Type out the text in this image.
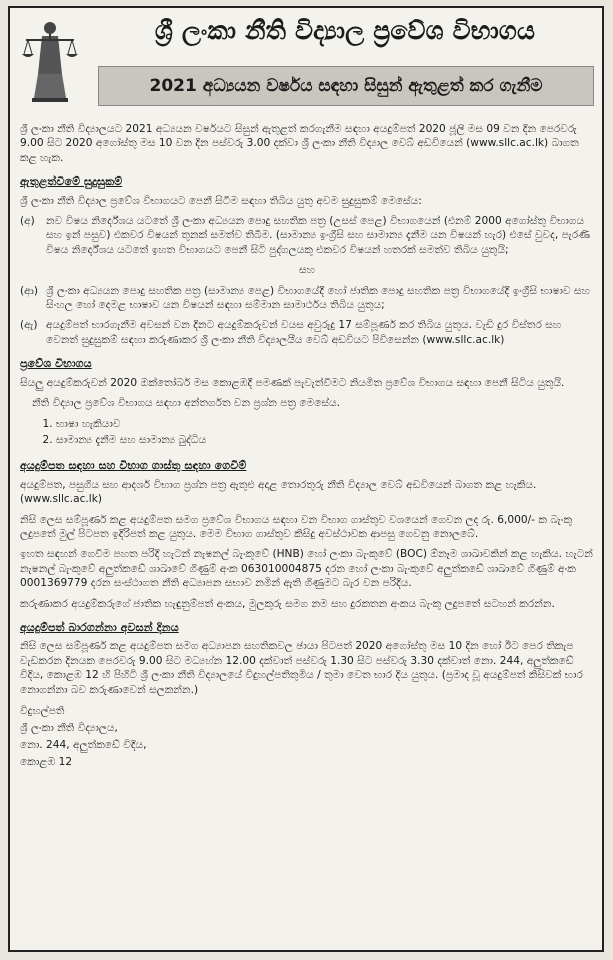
ශ්‍රී ලංකා නීති විද්‍යාල ප්‍රවේශ විභාගය
2021 අධ්‍යයන වර්ෂය සඳහා සිසුන් ඇතුළත් කර ගැනීම

ශ්‍රී ලංකා නීති විද්‍යාලයට 2021 අධ්‍යයන වර්ෂයට සිසුන් ඇතුළත් කරගැනීම සඳහා අයදුම්පත් 2020 ජූලි මස 09 වන දින පෙරවරු 9.00 සිට 2020 අගෝස්තු මස 10 වන දින පස්වරු 3.00 දක්වා ශ්‍රී ලංකා නීති විද්‍යාල වෙබ් අඩවියෙන් (www.sllc.ac.lk) බාගත කළ හැක.

ඇතුළත්වීමේ සුදුසුකම්

ශ්‍රී ලංකා නීති විද්‍යාල ප්‍රවේශ විභාගයට පෙනී සිටීම සඳහා තිබිය යුතු අවම සුදුසුකම් මෙසේය:

(අ)	නව විෂය නිර්දේශය යටතේ ශ්‍රී ලංකා අධ්‍යයන පොදු සහතික පත්‍ර (උසස් පෙළ) විභාගයෙන් (එනම් 2000 අගෝස්තු විභාගය සහ ඉන් පසුව) එකවර විෂයන් තුනක් සමත්ව තිබීම. (සාමාන්‍ය ඉංග්‍රීසි සහ සාමාන්‍ය දැනීම යන විෂයන් හැර) එසේ වුවද, පැරණි විෂය නිර්දේශය යටතේ ඉහත විභාගයට පෙනී සිටි පුද්ගලයකු එකවර විෂයන් හතරක් සමත්ව තිබිය යුතුයි;
සහ
(ආ) ශ්‍රී ලංකා අධ්‍යයන පොදු සහතික පත්‍ර (සාමාන්‍ය පෙළ) විභාගයේදී හෝ ජාතික පොදු සහතික පත්‍ර විභාගයේදී ඉංග්‍රීසි භාෂාව සහ සිංහල හෝ දෙමළ භාෂාව යන විෂයන් සඳහා සම්මාන සාමාර්ථය තිබිය යුතුය;
(ඇ) අයදුම්පත් භාරගැනීම අවසන් වන දිනට අයදුම්කරුවන් වයස අවුරුදු 17 සම්පූර්ණ කර තිබිය යුතුය. වැඩි දුර විස්තර සහ වෙනත් සුදුසුකම් සඳහා කරුණාකර ශ්‍රී ලංකා නීති විද්‍යාලයීය වෙබ් අඩවියට පිවිසෙන්න (www.sllc.ac.lk)
ප්‍රවේශ විභාගය

සියලු අයදුම්කරුවන් 2020 ඔක්තෝබර් මස කොළඹදී පමණක් පැවැත්වීමට නියමිත ප්‍රවේශ විභාගය සඳහා පෙනී සිටිය යුතුයි.

නීති විද්‍යාල ප්‍රවේශ විභාගය සඳහා අන්තර්ගත වන ප්‍රශ්න පත්‍ර මෙසේය.

1. භාෂා හැකියාව
2. සාමාන්‍ය දැනීම සහ සාමාන්‍ය බුද්ධිය
අයදුම්පත සඳහා සහ විභාග ගාස්තු සඳහා ගෙවීම්

අයදුම්පත, පසුගිය සහ ආදර්ශ විභාග ප්‍රශ්න පත්‍ර ඇතුළු අදාළ තොරතුරු නීති විද්‍යාල වෙබ් අඩවියෙන් බාගත කළ හැකිය. (www.sllc.ac.lk)

නිසි ලෙස සම්පූර්ණ කළ අයදුම්පත සමග ප්‍රවේශ විභාගය සඳහා වන විභාග ගාස්තුව වශයෙන් ගෙවන ලද රු. 6,000/- ක බැංකු ලදුපතේ මුල් පිටපත ඉදිරිපත් කළ යුතුය. මෙම විභාග ගාස්තුව කිසිදු අවස්ථාවක ආපසු ගෙවනු නොලබේ.

ඉහත සඳහන් ගෙවීම පහත පරිදි හැටන් නැෂනල් බැංකුවේ (HNB) හෝ ලංකා බැංකුවේ (BOC) ඕනෑම ශාඛාවකින් කළ හැකිය. හැටන් නැෂනල් බැංකුවේ අලුත්කඩේ ශාඛාවේ ගිණුම් අංක 063010004875 දරන හෝ ලංකා බැංකුවේ අලුත්කඩේ ශාඛාවේ ගිණුම් අංක 0001369779 දරන සංස්ථාගත නීති අධ්‍යාපන සභාව නමින් ඇති ගිණුමට බැර වන පරිදිය.

කරුණාකර අයදුම්කරුගේ ජාතික හැඳුනුම්පත් අංකය, මුලකුරු සමග නම සහ දුරකතන අංකය බැංකු ලදුපතේ සටහන් කරන්න.

අයදුම්පත් බාරගන්නා අවසන් දිනය

නිසි ලෙස සම්පූර්ණ කළ අයදුම්පත සමග අධ්‍යාපන සහතිකවල ඡායා පිටපත් 2020 අගෝස්තු මස 10 දින හෝ ඊට පෙර තිකැප වැඩකරන දිනයක පෙරවරු 9.00 සිට මධ්‍යහ්න 12.00 දක්වාත් පස්වරු 1.30 සිට පස්වරු 3.30 දක්වාත් නො. 244, අලුත්කඩේ විදිය, කොළඹ 12 හි පිහිටි ශ්‍රී ලංකා නීති විද්‍යාලයේ විදුහල්පතිතුමිය / තුමා වෙත භාර දිය යුතුය. (ප්‍රමාද වූ අයදුම්පත් කිසිවක් භාර නොගන්නා බව කරුණාවෙන් සලකන්න.)

විදුහල්පති
ශ්‍රී ලංකා නීති විද්‍යාලය,
නො. 244, අලුත්කඩේ විදිය,
කොළඹ 12
